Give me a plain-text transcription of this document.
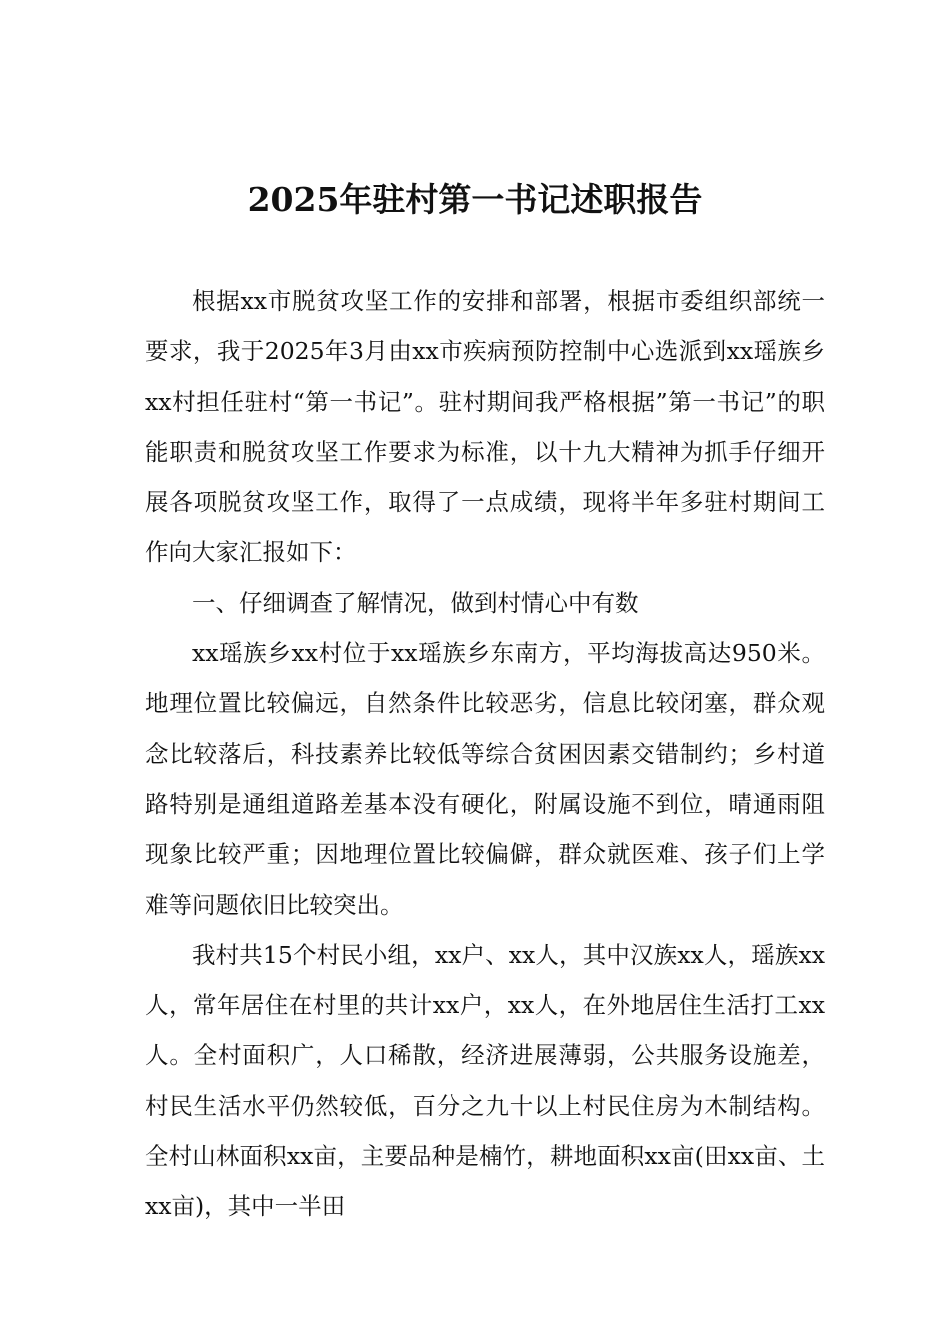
2025年驻村第一书记述职报告

根据xx市脱贫攻坚工作的安排和部署，根据市委组织部统一要求，我于2025年3月由xx市疾病预防控制中心选派到xx瑶族乡xx村担任驻村“第一书记”。驻村期间我严格根据”第一书记”的职能职责和脱贫攻坚工作要求为标准，以十九大精神为抓手仔细开展各项脱贫攻坚工作，取得了一点成绩，现将半年多驻村期间工作向大家汇报如下：

一、仔细调查了解情况，做到村情心中有数

xx瑶族乡xx村位于xx瑶族乡东南方，平均海拔高达950米。地理位置比较偏远，自然条件比较恶劣，信息比较闭塞，群众观念比较落后，科技素养比较低等综合贫困因素交错制约；乡村道路特别是通组道路差基本没有硬化，附属设施不到位，晴通雨阻现象比较严重；因地理位置比较偏僻，群众就医难、孩子们上学难等问题依旧比较突出。

我村共15个村民小组，xx户、xx人，其中汉族xx人，瑶族xx人，常年居住在村里的共计xx户，xx人，在外地居住生活打工xx人。全村面积广，人口稀散，经济进展薄弱，公共服务设施差，村民生活水平仍然较低，百分之九十以上村民住房为木制结构。全村山林面积xx亩，主要品种是楠竹，耕地面积xx亩(田xx亩、土xx亩)，其中一半田
